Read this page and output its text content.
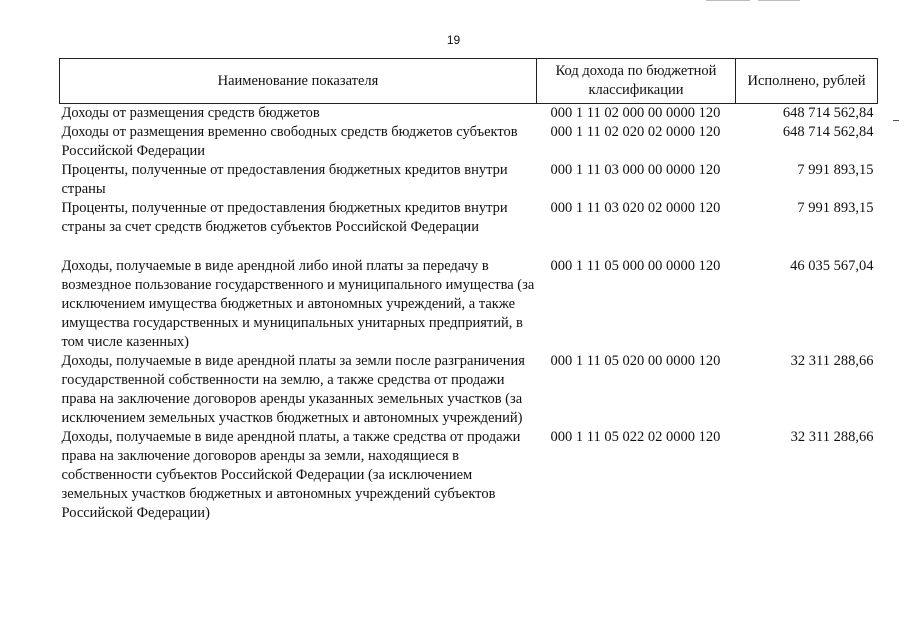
19
Наименование показателя	Код дохода по бюджетной классификации	Исполнено, рублей
Доходы от размещения средств бюджетов	000 1 11 02 000 00 0000 120	648 714 562,84
Доходы от размещения временно свободных средств бюджетов субъектов Российской Федерации	000 1 11 02 020 02 0000 120	648 714 562,84
Проценты, полученные от предоставления бюджетных кредитов внутри страны	000 1 11 03 000 00 0000 120	7 991 893,15
Проценты, полученные от предоставления бюджетных кредитов внутри страны за счет средств бюджетов субъектов Российской Федерации	000 1 11 03 020 02 0000 120	7 991 893,15

Доходы, получаемые в виде арендной либо иной платы за передачу в возмездное пользование государственного и муниципального имущества (за исключением имущества бюджетных и автономных учреждений, а также имущества государственных и муниципальных унитарных предприятий, в том числе казенных)	000 1 11 05 000 00 0000 120	46 035 567,04
Доходы, получаемые в виде арендной платы за земли после разграничения государственной собственности на землю, а также средства от продажи права на заключение договоров аренды указанных земельных участков (за исключением земельных участков бюджетных и автономных учреждений)	000 1 11 05 020 00 0000 120	32 311 288,66
Доходы, получаемые в виде арендной платы, а также средства от продажи права на заключение договоров аренды за земли, находящиеся в собственности субъектов Российской Федерации (за исключением земельных участков бюджетных и автономных учреждений субъектов Российской Федерации)	000 1 11 05 022 02 0000 120	32 311 288,66
